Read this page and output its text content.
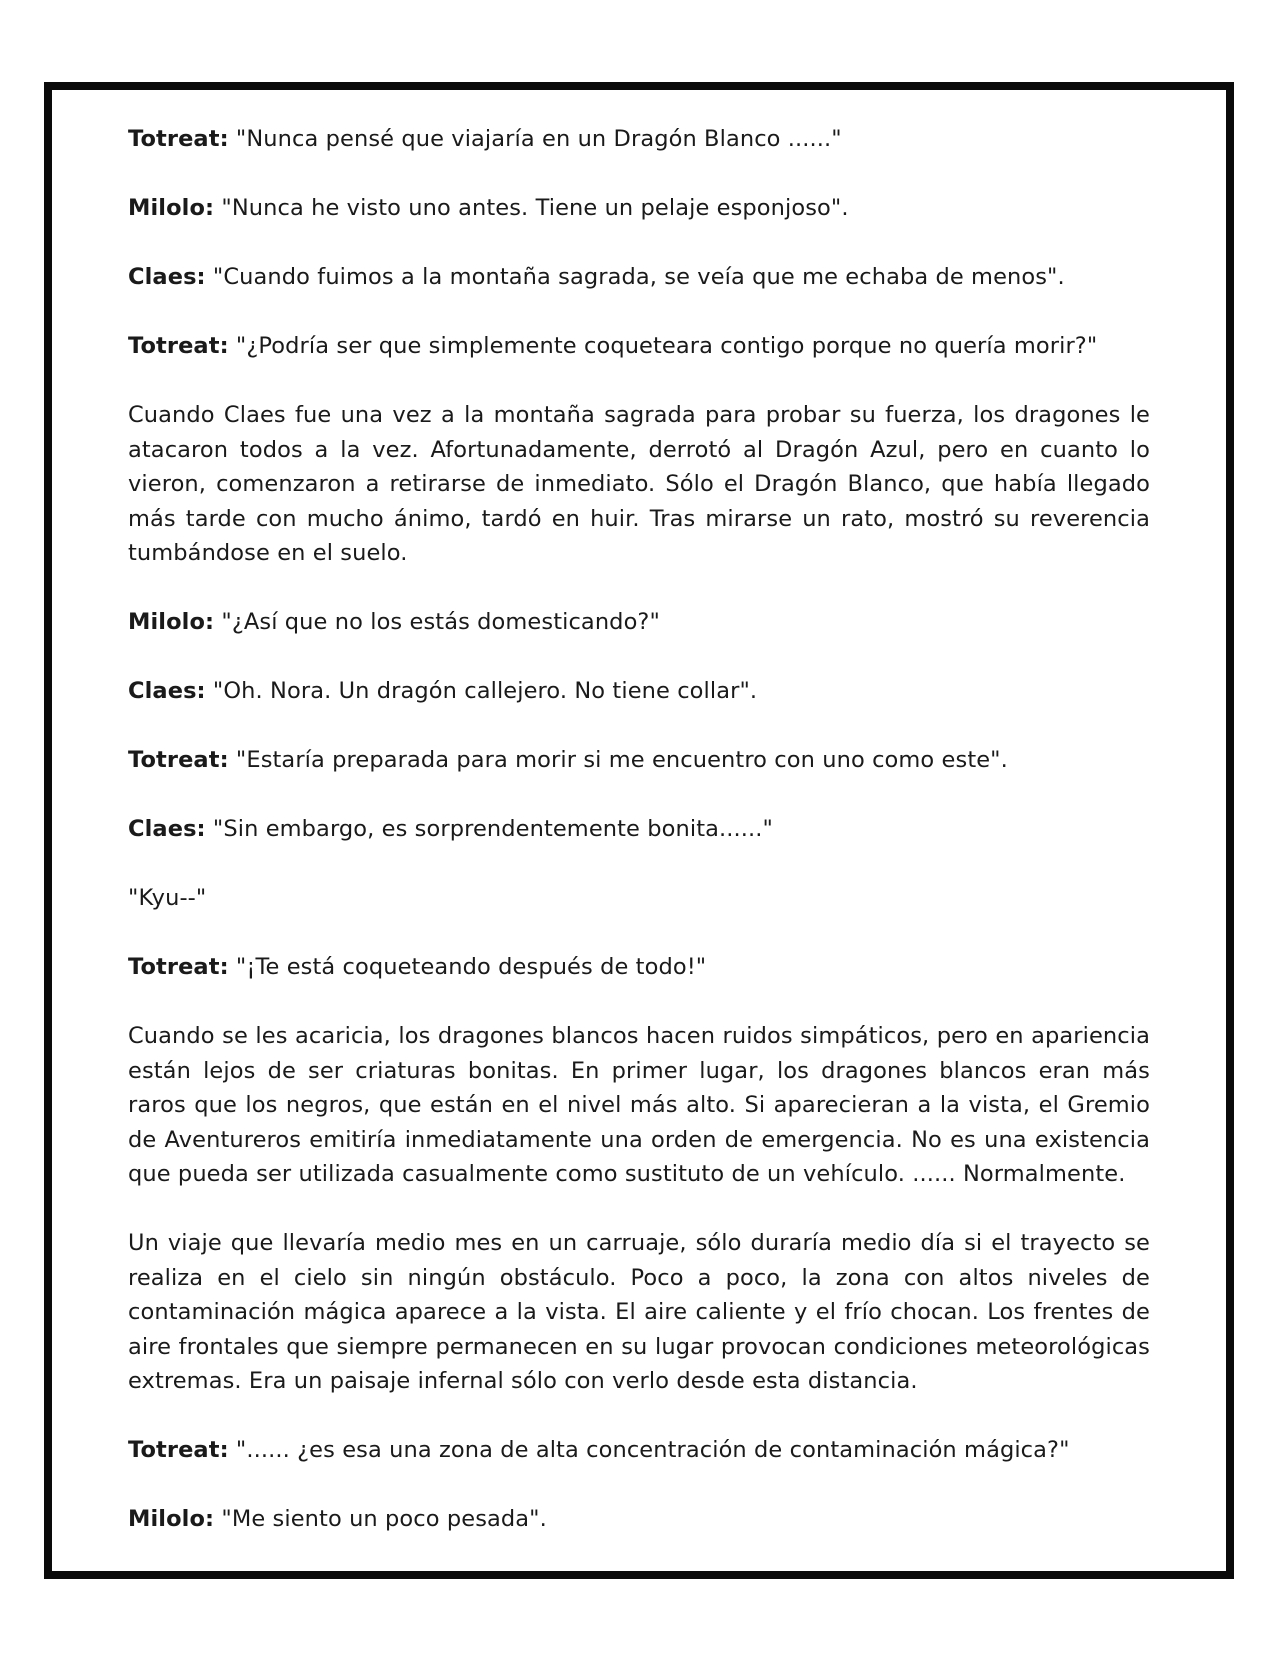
Totreat: "Nunca pensé que viajaría en un Dragón Blanco ......"

Milolo: "Nunca he visto uno antes. Tiene un pelaje esponjoso".

Claes: "Cuando fuimos a la montaña sagrada, se veía que me echaba de menos".

Totreat: "¿Podría ser que simplemente coqueteara contigo porque no quería morir?"

Cuando Claes fue una vez a la montaña sagrada para probar su fuerza, los dragones le atacaron todos a la vez. Afortunadamente, derrotó al Dragón Azul, pero en cuanto lo vieron, comenzaron a retirarse de inmediato. Sólo el Dragón Blanco, que había llegado más tarde con mucho ánimo, tardó en huir. Tras mirarse un rato, mostró su reverencia tumbándose en el suelo.

Milolo: "¿Así que no los estás domesticando?"

Claes: "Oh. Nora. Un dragón callejero. No tiene collar".

Totreat: "Estaría preparada para morir si me encuentro con uno como este".

Claes: "Sin embargo, es sorprendentemente bonita......"

"Kyu--"

Totreat: "¡Te está coqueteando después de todo!"

Cuando se les acaricia, los dragones blancos hacen ruidos simpáticos, pero en apariencia están lejos de ser criaturas bonitas. En primer lugar, los dragones blancos eran más raros que los negros, que están en el nivel más alto. Si aparecieran a la vista, el Gremio de Aventureros emitiría inmediatamente una orden de emergencia. No es una existencia que pueda ser utilizada casualmente como sustituto de un vehículo. ...... Normalmente.

Un viaje que llevaría medio mes en un carruaje, sólo duraría medio día si el trayecto se realiza en el cielo sin ningún obstáculo. Poco a poco, la zona con altos niveles de contaminación mágica aparece a la vista. El aire caliente y el frío chocan. Los frentes de aire frontales que siempre permanecen en su lugar provocan condiciones meteorológicas extremas. Era un paisaje infernal sólo con verlo desde esta distancia.

Totreat: "...... ¿es esa una zona de alta concentración de contaminación mágica?"

Milolo: "Me siento un poco pesada".
